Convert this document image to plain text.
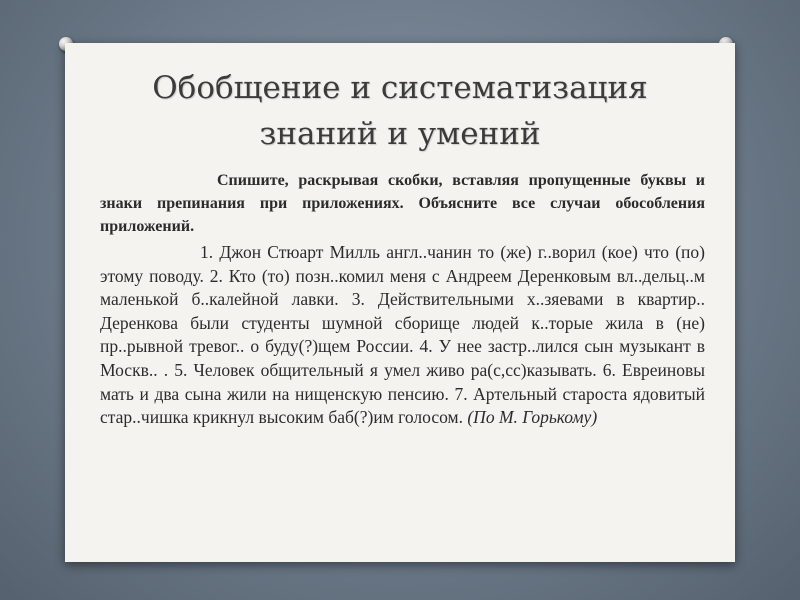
Обобщение и систематизация
знаний и умений

Спишите, раскрывая скобки, вставляя пропущенные буквы и знаки препинания при приложениях. Объясните все случаи обособления приложений.

1. Джон Стюарт Милль англ..чанин то (же) г..ворил (кое) что (по) этому поводу. 2. Кто (то) позн..комил меня с Андреем Деренковым вл..дельц..м маленькой б..калейной лавки. 3. Действительными х..зяевами в квартир.. Деренкова были студенты шумной сборище людей к..торые жила в (не) пр..рывной тревог.. о буду(?)щем России. 4. У нее застр..лился сын музыкант в Москв.. . 5. Человек общительный я умел живо ра(с,сс)казывать. 6. Евреиновы мать и два сына жили на нищенскую пенсию. 7. Артельный староста ядовитый стар..чишка крикнул высоким баб(?)им голосом. (По М. Горькому)
